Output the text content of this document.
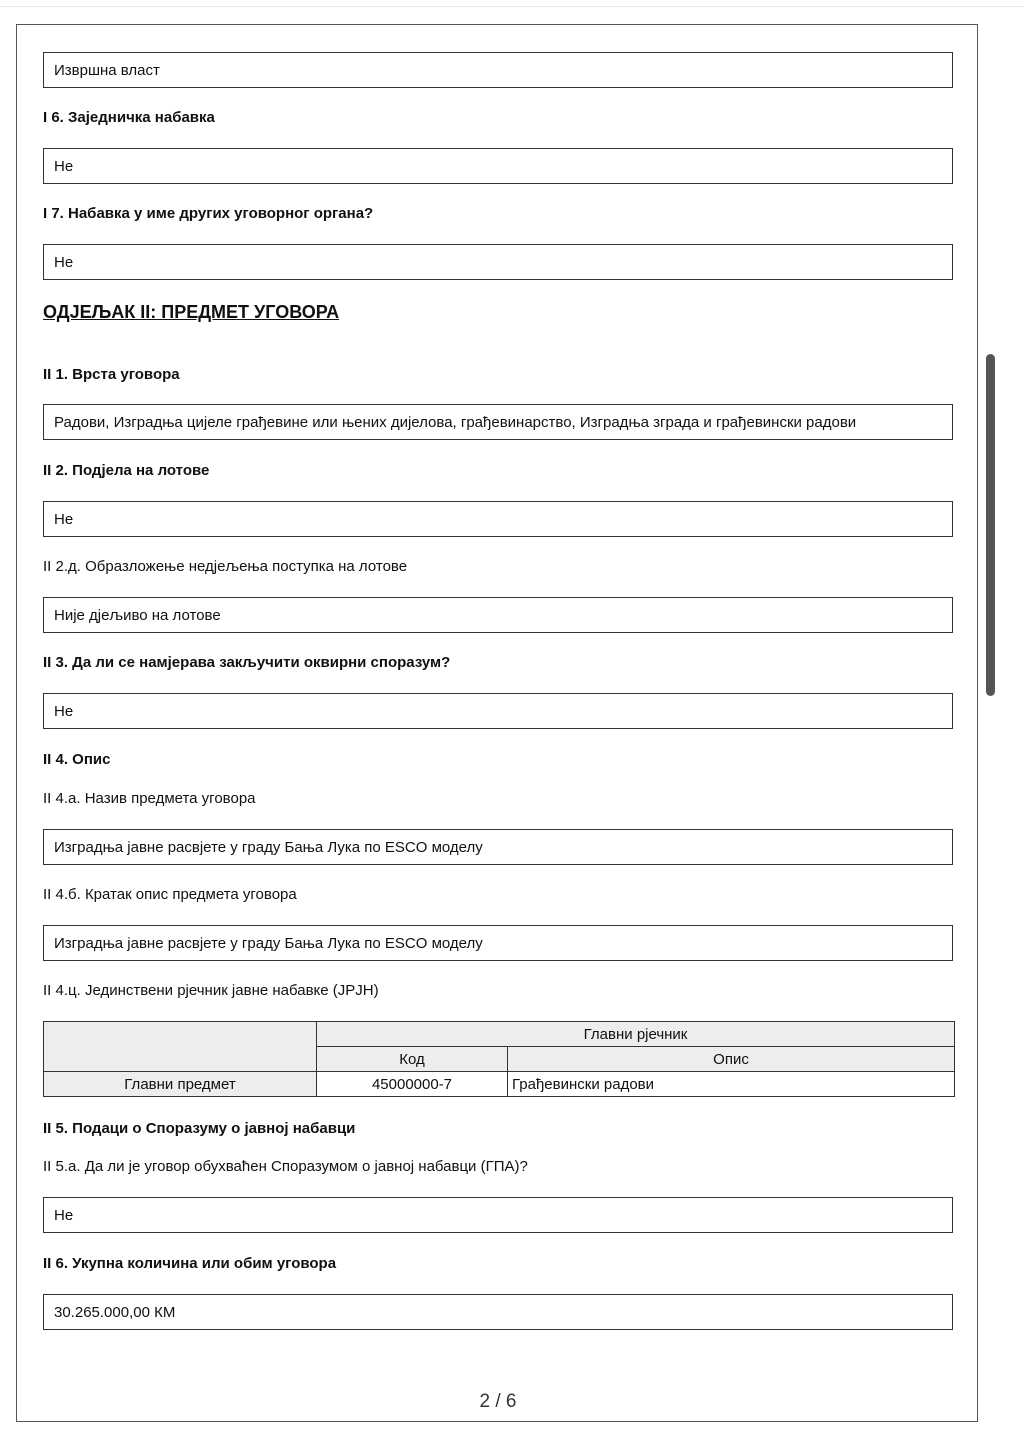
Извршна власт
I 6. Заједничка набавка
Не
I 7. Набавка у име других уговорног органа?
Не
ОДЈЕЉАК II: ПРЕДМЕТ УГОВОРА
II 1. Врста уговора
Радови, Изградња цијеле грађевине или њених дијелова, грађевинарство, Изградња зграда и грађевински радови
II 2. Подјела на лотове
Не
II 2.д. Образложење недјељења поступка на лотове
Није дјељиво на лотове
II 3. Да ли се намјерава закључити оквирни споразум?
Не
II 4. Опис
II 4.а. Назив предмета уговора
Изградња јавне расвјете у граду Бања Лука по ESCO моделу
II 4.б. Кратак опис предмета уговора
Изградња јавне расвјете у граду Бања Лука по ESCO моделу
II 4.ц. Јединствени рјечник јавне набавке (ЈРЈН)
	Главни рјечник	
	Код	Опис
Главни предмет	45000000-7	Грађевински радови
II 5. Подаци о Споразуму о јавној набавци
II 5.а. Да ли је уговор обухваћен Споразумом о јавној набавци (ГПА)?
Не
II 6. Укупна количина или обим уговора
30.265.000,00 КМ
2 / 6
